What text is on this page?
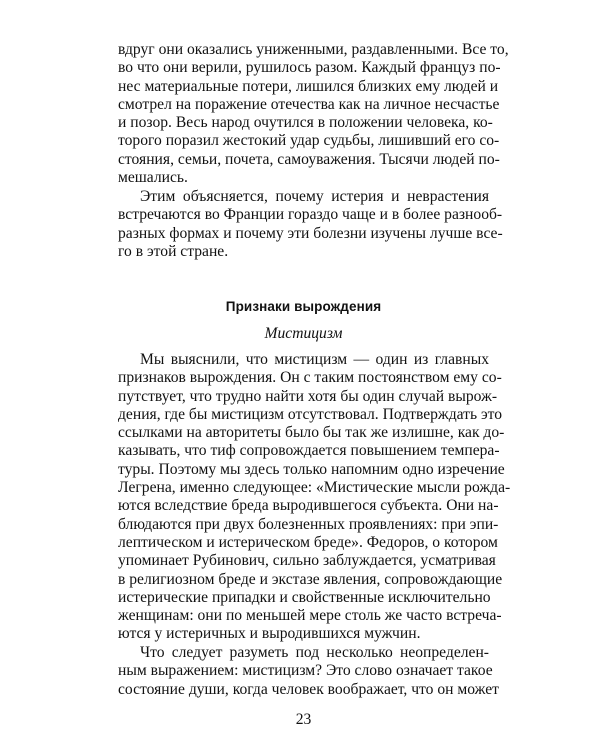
вдруг они оказались униженными, раздавленными. Все то,
во что они верили, рушилось разом. Каждый француз по-
нес материальные потери, лишился близких ему людей и
смотрел на поражение отечества как на личное несчастье
и позор. Весь народ очутился в положении человека, ко-
торого поразил жестокий удар судьбы, лишивший его со-
стояния, семьи, почета, самоуважения. Тысячи людей по-
мешались.
Этим объясняется, почему истерия и неврастения
встречаются во Франции гораздо чаще и в более разнооб-
разных формах и почему эти болезни изучены лучше все-
го в этой стране.
Признаки вырождения
Мистицизм
Мы выяснили, что мистицизм — один из главных
признаков вырождения. Он с таким постоянством ему со-
путствует, что трудно найти хотя бы один случай вырож-
дения, где бы мистицизм отсутствовал. Подтверждать это
ссылками на авторитеты было бы так же излишне, как до-
казывать, что тиф сопровождается повышением темпера-
туры. Поэтому мы здесь только напомним одно изречение
Легрена, именно следующее: «Мистические мысли рожда-
ются вследствие бреда выродившегося субъекта. Они на-
блюдаются при двух болезненных проявлениях: при эпи-
лептическом и истерическом бреде». Федоров, о котором
упоминает Рубинович, сильно заблуждается, усматривая
в религиозном бреде и экстазе явления, сопровождающие
истерические припадки и свойственные исключительно
женщинам: они по меньшей мере столь же часто встреча-
ются у истеричных и выродившихся мужчин.
Что следует разуметь под несколько неопределен-
ным выражением: мистицизм? Это слово означает такое
состояние души, когда человек воображает, что он может
23
